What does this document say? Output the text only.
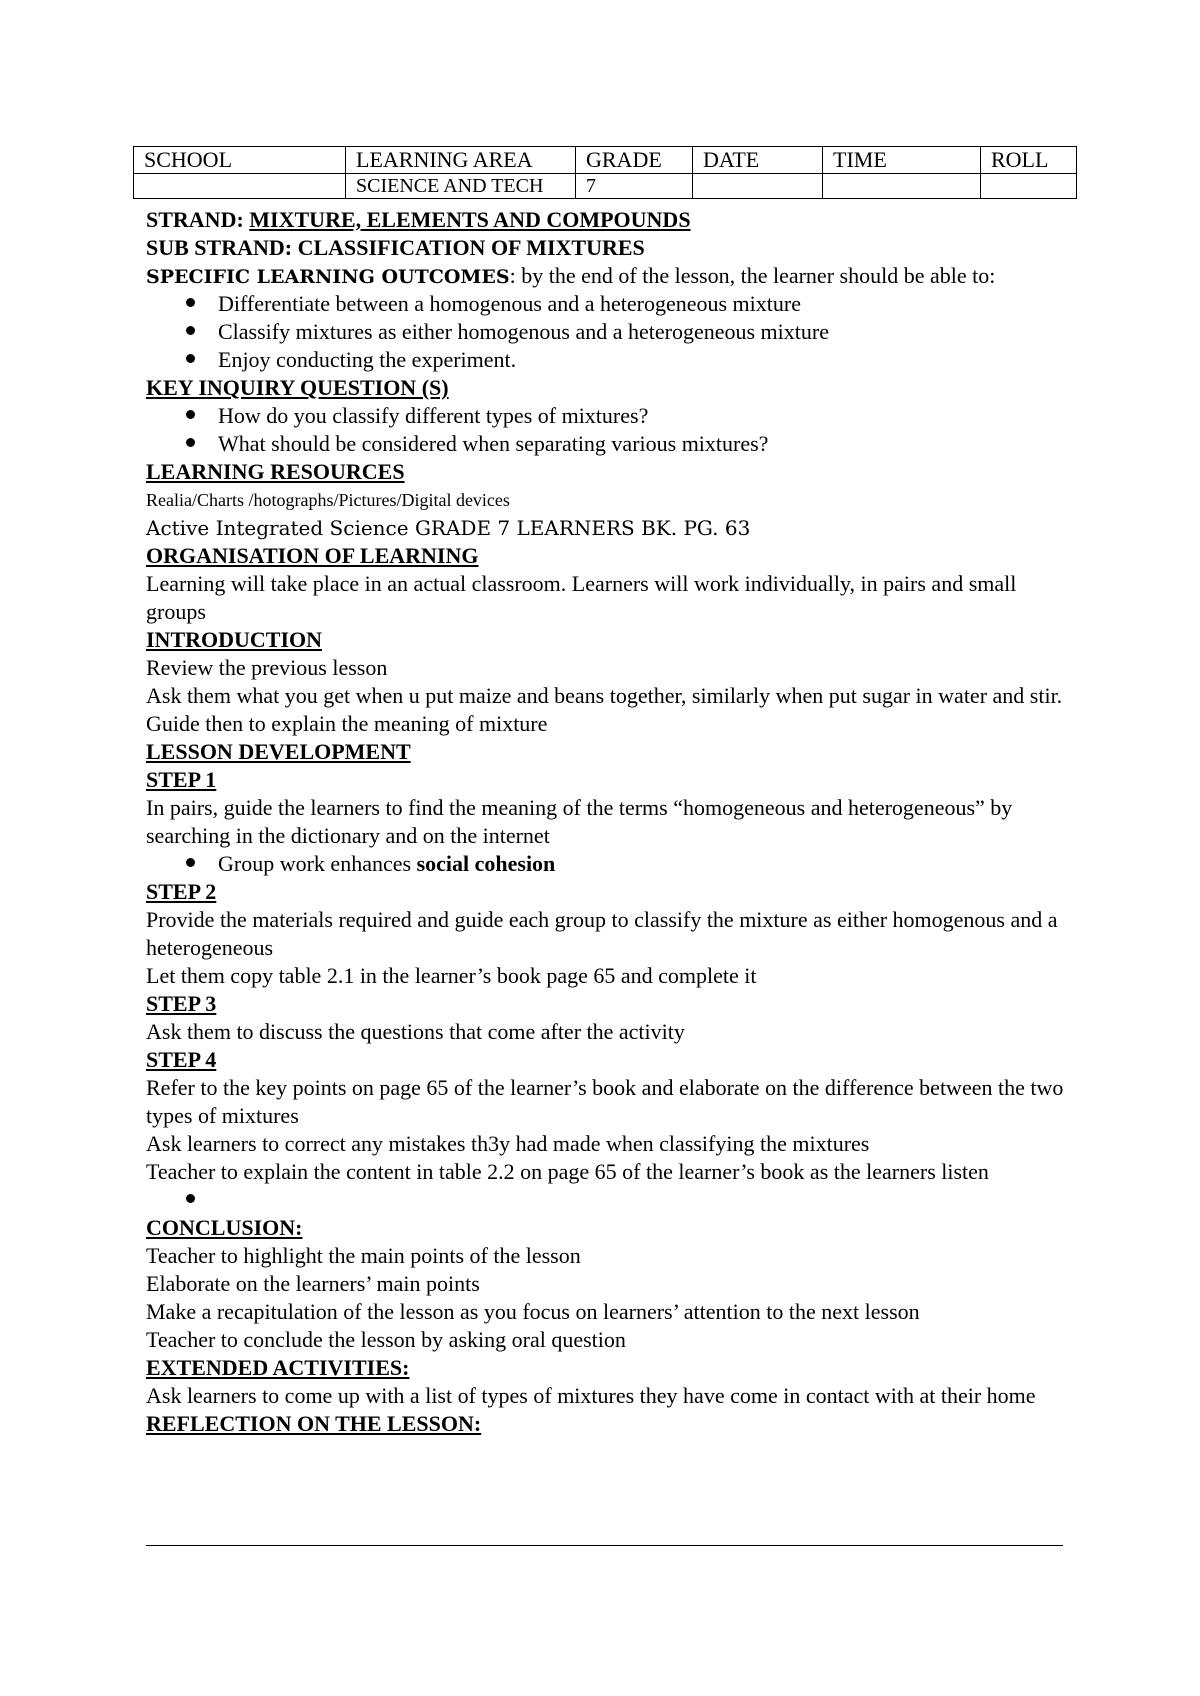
SCHOOL	LEARNING AREA	GRADE	DATE	TIME	ROLL
	SCIENCE AND TECH	7			

STRAND: MIXTURE, ELEMENTS AND COMPOUNDS

SUB STRAND: CLASSIFICATION OF MIXTURES

SPECIFIC LEARNING OUTCOMES: by the end of the lesson, the learner should be able to:

Differentiate between a homogenous and a heterogeneous mixture
Classify mixtures as either homogenous and a heterogeneous mixture
Enjoy conducting the experiment.

KEY INQUIRY QUESTION (S)

How do you classify different types of mixtures?
What should be considered when separating various mixtures?

LEARNING RESOURCES

Realia/Charts /hotographs/Pictures/Digital devices

Active Integrated Science GRADE 7 LEARNERS BK. PG. 63

ORGANISATION OF LEARNING

Learning will take place in an actual classroom. Learners will work individually, in pairs and small groups

INTRODUCTION

Review the previous lesson

Ask them what you get when u put maize and beans together, similarly when put sugar in water and stir.

Guide then to explain the meaning of mixture

LESSON DEVELOPMENT

STEP 1

In pairs, guide the learners to find the meaning of the terms “homogeneous and heterogeneous” by searching in the dictionary and on the internet

Group work enhances social cohesion

STEP 2

Provide the materials required and guide each group to classify the mixture as either homogenous and a heterogeneous

Let them copy table 2.1 in the learner’s book page 65 and complete it

STEP 3

Ask them to discuss the questions that come after the activity

STEP 4

Refer to the key points on page 65 of the learner’s book and elaborate on the difference between the two types of mixtures

Ask learners to correct any mistakes th3y had made when classifying the mixtures

Teacher to explain the content in table 2.2 on page 65 of the learner’s book as the learners listen

CONCLUSION:

Teacher to highlight the main points of the lesson

Elaborate on the learners’ main points

Make a recapitulation of the lesson as you focus on learners’ attention to the next lesson

Teacher to conclude the lesson by asking oral question

EXTENDED ACTIVITIES:

Ask learners to come up with a list of types of mixtures they have come in contact with at their home

REFLECTION ON THE LESSON:
